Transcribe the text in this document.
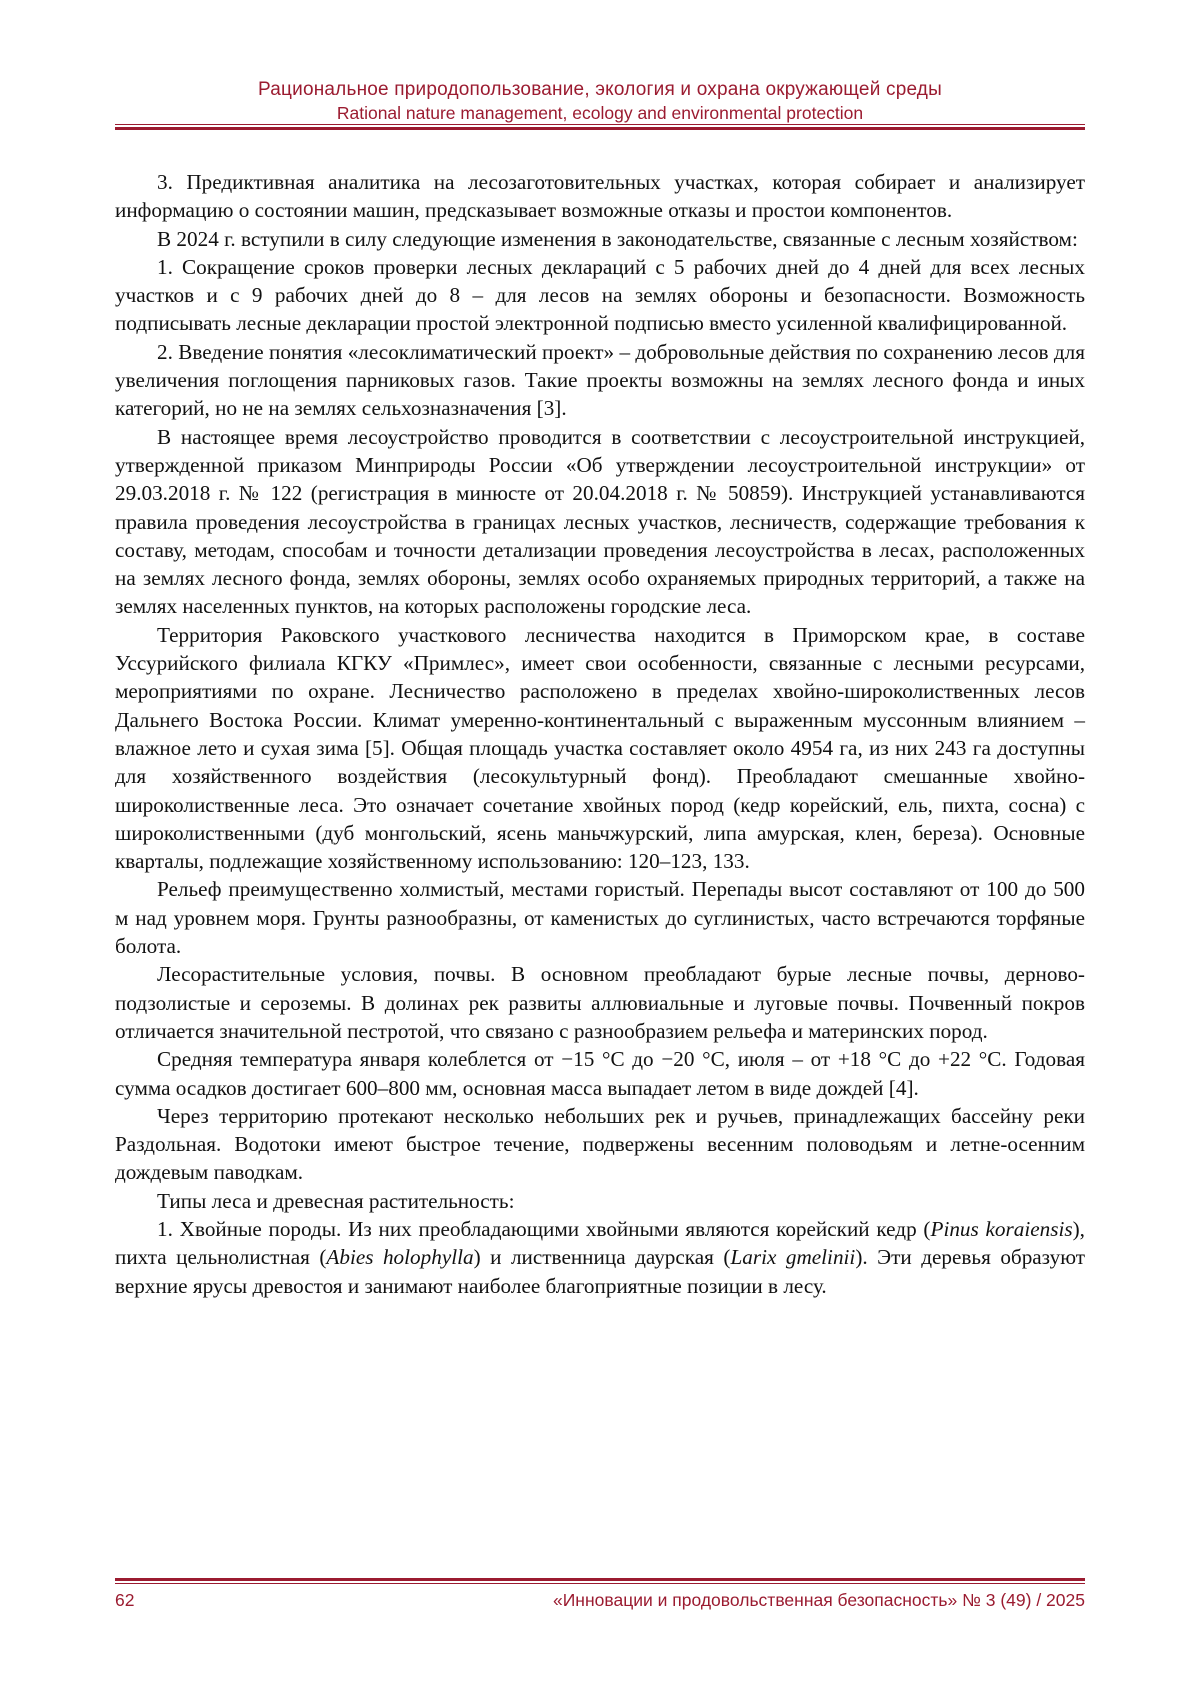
Рациональное природопользование, экология и охрана окружающей среды
Rational nature management, ecology and environmental protection

3. Предиктивная аналитика на лесозаготовительных участках, которая собирает и анализирует информацию о состоянии машин, предсказывает возможные отказы и простои компонентов.

В 2024 г. вступили в силу следующие изменения в законодательстве, связанные с лесным хозяйством:

1. Сокращение сроков проверки лесных деклараций с 5 рабочих дней до 4 дней для всех лесных участков и с 9 рабочих дней до 8 – для лесов на землях обороны и безопасности. Возможность подписывать лесные декларации простой электронной подписью вместо усиленной квалифицированной.

2. Введение понятия «лесоклиматический проект» – добровольные действия по сохранению лесов для увеличения поглощения парниковых газов. Такие проекты возможны на землях лесного фонда и иных категорий, но не на землях сельхозназначения [3].

В настоящее время лесоустройство проводится в соответствии с лесоустроительной инструкцией, утвержденной приказом Минприроды России «Об утверждении лесоустроительной инструкции» от 29.03.2018 г. № 122 (регистрация в минюсте от 20.04.2018 г. № 50859). Инструкцией устанавливаются правила проведения лесоустройства в границах лесных участков, лесничеств, содержащие требования к составу, методам, способам и точности детализации проведения лесоустройства в лесах, расположенных на землях лесного фонда, землях обороны, землях особо охраняемых природных территорий, а также на землях населенных пунктов, на которых расположены городские леса.

Территория Раковского участкового лесничества находится в Приморском крае, в составе Уссурийского филиала КГКУ «Примлес», имеет свои особенности, связанные с лесными ресурсами, мероприятиями по охране. Лесничество расположено в пределах хвойно-широколиственных лесов Дальнего Востока России. Климат умеренно-континентальный с выраженным муссонным влиянием – влажное лето и сухая зима [5]. Общая площадь участка составляет около 4954 га, из них 243 га доступны для хозяйственного воздействия (лесокультурный фонд). Преобладают смешанные хвойно-широколиственные леса. Это означает сочетание хвойных пород (кедр корейский, ель, пихта, сосна) с широколиственными (дуб монгольский, ясень маньчжурский, липа амурская, клен, береза). Основные кварталы, подлежащие хозяйственному использованию: 120–123, 133.

Рельеф преимущественно холмистый, местами гористый. Перепады высот составляют от 100 до 500 м над уровнем моря. Грунты разнообразны, от каменистых до суглинистых, часто встречаются торфяные болота.

Лесорастительные условия, почвы. В основном преобладают бурые лесные почвы, дерново-подзолистые и сероземы. В долинах рек развиты аллювиальные и луговые почвы. Почвенный покров отличается значительной пестротой, что связано с разнообразием рельефа и материнских пород.

Средняя температура января колеблется от −15 °С до −20 °С, июля – от +18 °С до +22 °С. Годовая сумма осадков достигает 600–800 мм, основная масса выпадает летом в виде дождей [4].

Через территорию протекают несколько небольших рек и ручьев, принадлежащих бассейну реки Раздольная. Водотоки имеют быстрое течение, подвержены весенним половодьям и летне-осенним дождевым паводкам.

Типы леса и древесная растительность:

1. Хвойные породы. Из них преобладающими хвойными являются корейский кедр (Pinus koraiensis), пихта цельнолистная (Abies holophylla) и лиственница даурская (Larix gmelinii). Эти деревья образуют верхние ярусы древостоя и занимают наиболее благоприятные позиции в лесу.

62	«Инновации и продовольственная безопасность» № 3 (49) / 2025
